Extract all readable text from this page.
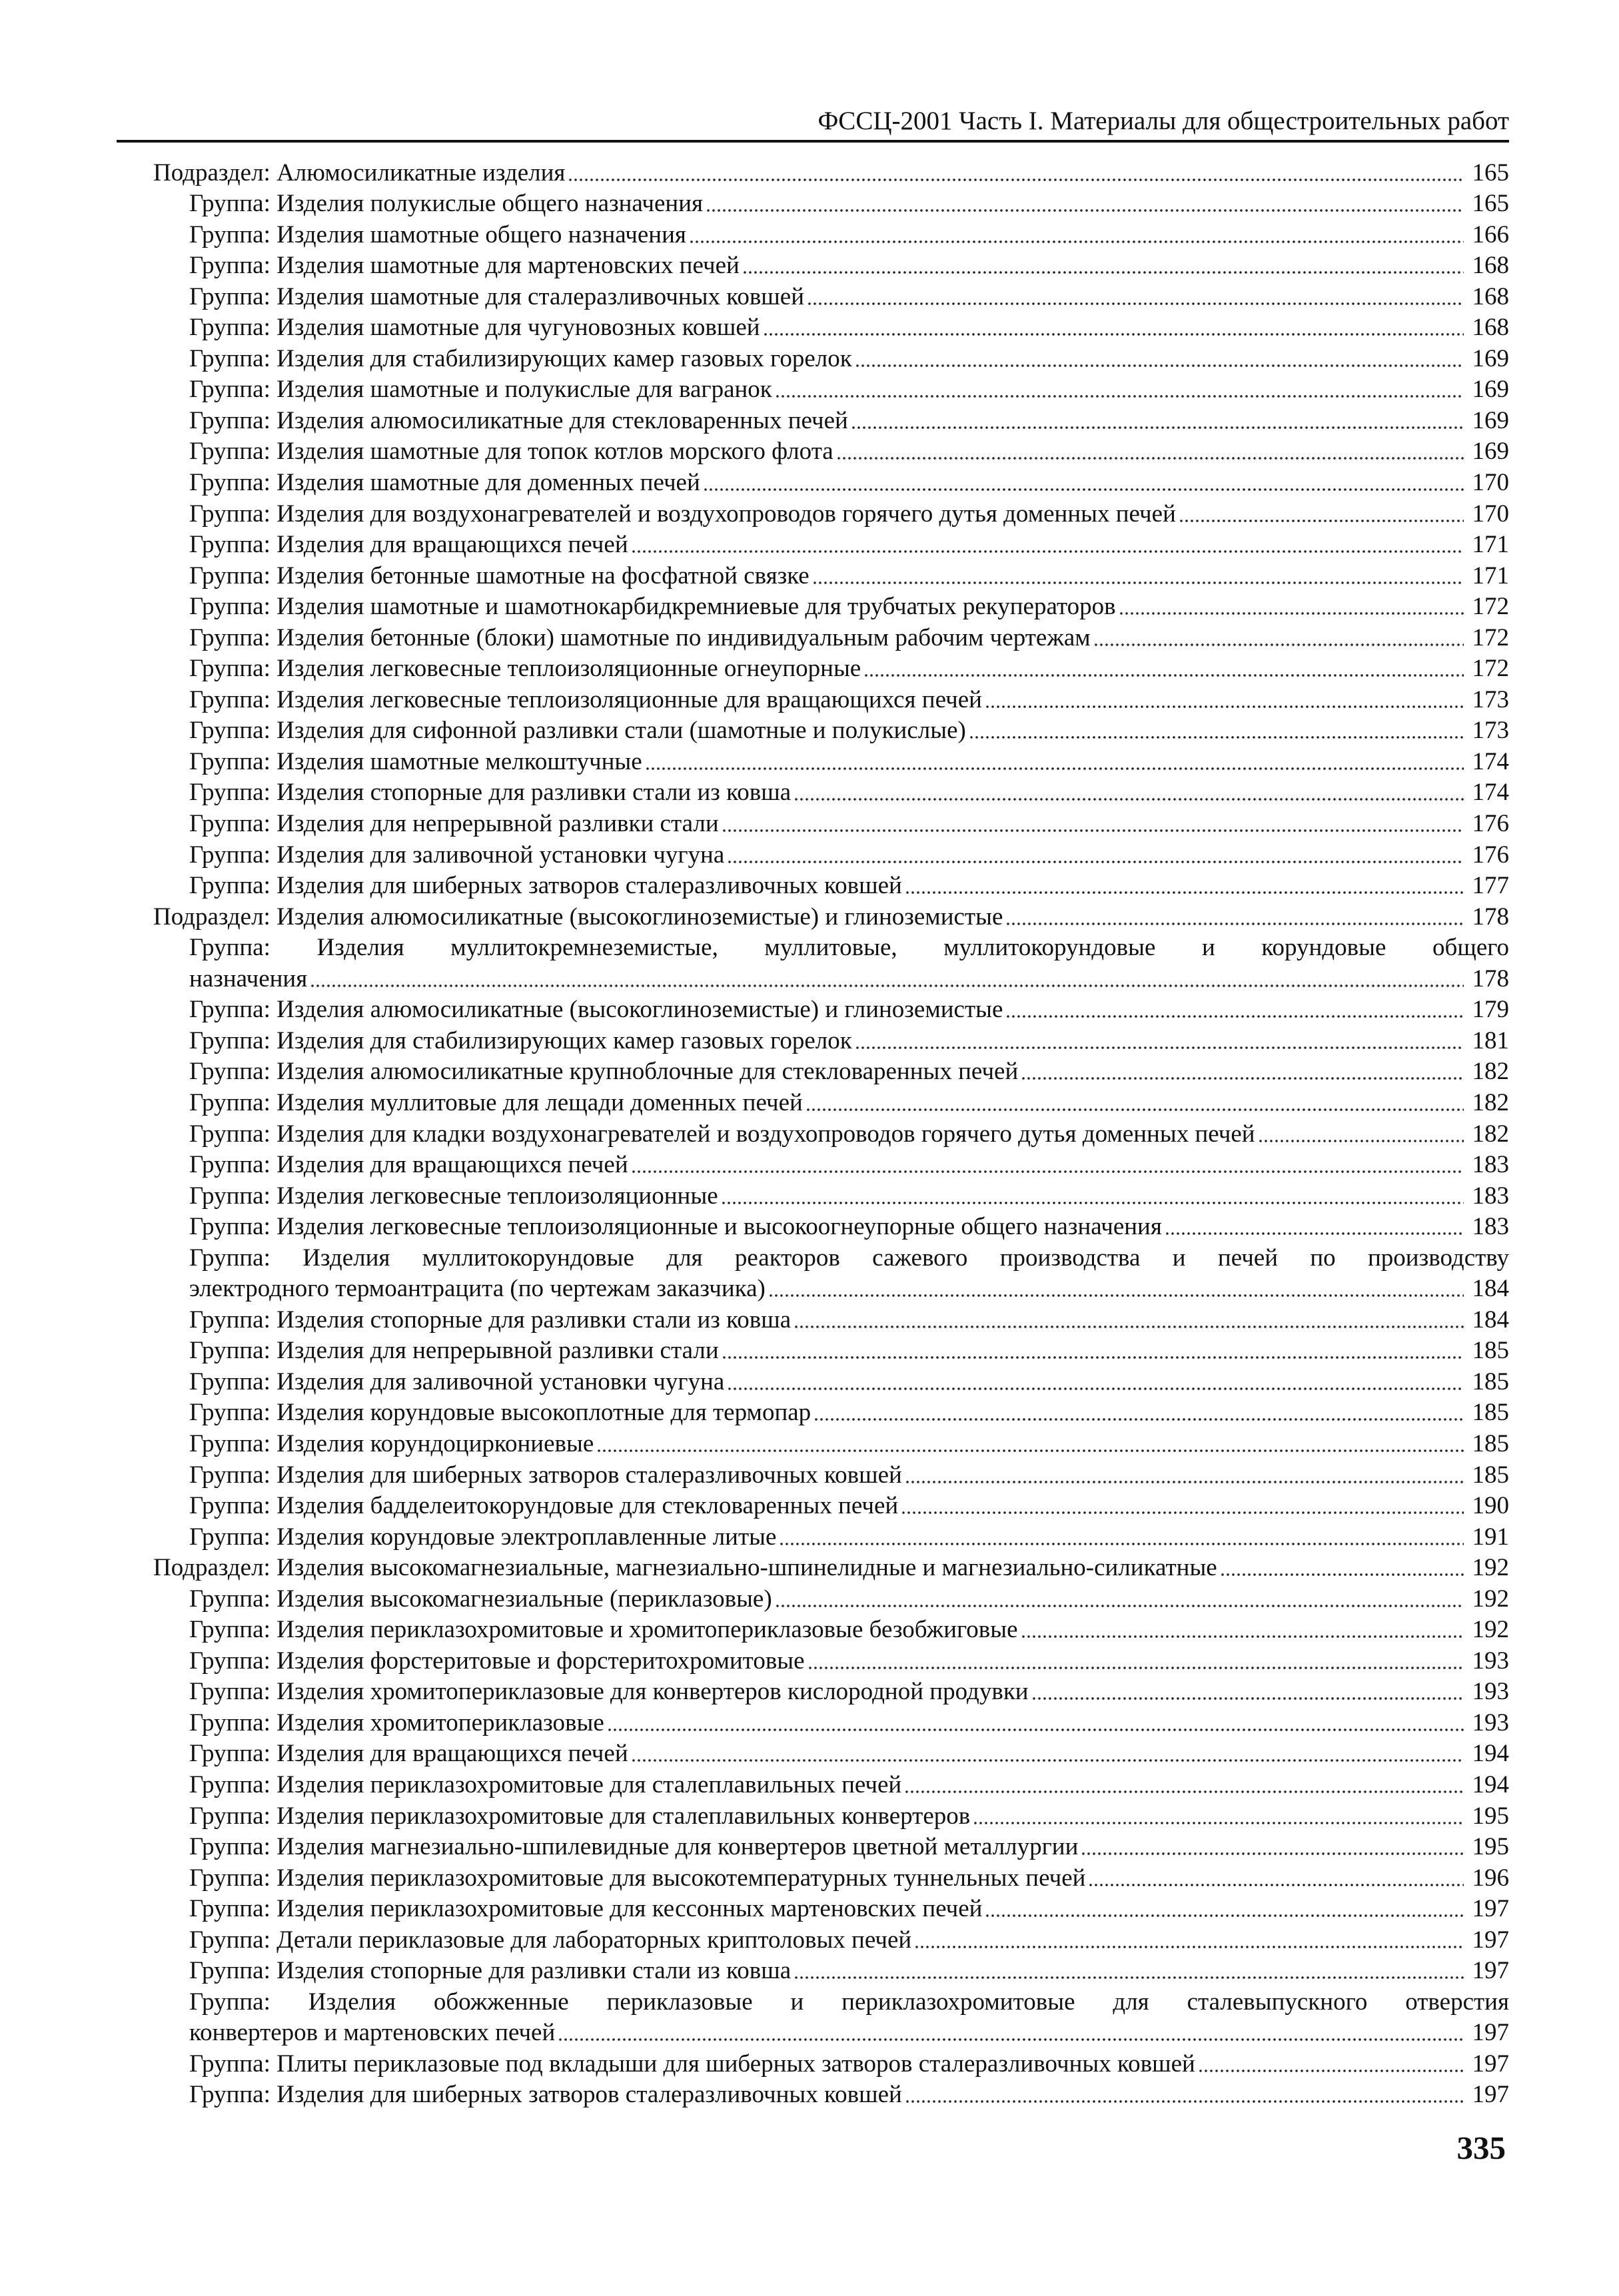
ФССЦ-2001 Часть I. Материалы для общестроительных работ
Подраздел: Алюмосиликатные изделия	165
Группа: Изделия полукислые общего назначения	165
Группа: Изделия шамотные общего назначения	166
Группа: Изделия шамотные для мартеновских печей	168
Группа: Изделия шамотные для сталеразливочных ковшей	168
Группа: Изделия шамотные для чугуновозных ковшей	168
Группа: Изделия для стабилизирующих камер газовых горелок	169
Группа: Изделия шамотные и полукислые для вагранок	169
Группа: Изделия алюмосиликатные для стекловаренных печей	169
Группа: Изделия шамотные для топок котлов морского флота	169
Группа: Изделия шамотные для доменных печей	170
Группа: Изделия для воздухонагревателей и воздухопроводов горячего дутья доменных печей	170
Группа: Изделия для вращающихся печей	171
Группа: Изделия бетонные шамотные на фосфатной связке	171
Группа: Изделия шамотные и шамотнокарбидкремниевые для трубчатых рекуператоров	172
Группа: Изделия бетонные (блоки) шамотные по индивидуальным рабочим чертежам	172
Группа: Изделия легковесные теплоизоляционные огнеупорные	172
Группа: Изделия легковесные теплоизоляционные для вращающихся печей	173
Группа: Изделия для сифонной разливки стали (шамотные и полукислые)	173
Группа: Изделия шамотные мелкоштучные	174
Группа: Изделия стопорные для разливки стали из ковша	174
Группа: Изделия для непрерывной разливки стали	176
Группа: Изделия для заливочной установки чугуна	176
Группа: Изделия для шиберных затворов сталеразливочных ковшей	177
Подраздел: Изделия алюмосиликатные (высокоглиноземистые) и глиноземистые	178
Группа: Изделия муллитокремнеземистые, муллитовые, муллитокорундовые и корундовые общего
назначения	178
Группа: Изделия алюмосиликатные (высокоглиноземистые) и глиноземистые	179
Группа: Изделия для стабилизирующих камер газовых горелок	181
Группа: Изделия алюмосиликатные крупноблочные для стекловаренных печей	182
Группа: Изделия муллитовые для лещади доменных печей	182
Группа: Изделия для кладки воздухонагревателей и воздухопроводов горячего дутья доменных печей	182
Группа: Изделия для вращающихся печей	183
Группа: Изделия легковесные теплоизоляционные	183
Группа: Изделия легковесные теплоизоляционные и высокоогнеупорные общего назначения	183
Группа: Изделия муллитокорундовые для реакторов сажевого производства и печей по производству
электродного термоантрацита (по чертежам заказчика)	184
Группа: Изделия стопорные для разливки стали из ковша	184
Группа: Изделия для непрерывной разливки стали	185
Группа: Изделия для заливочной установки чугуна	185
Группа: Изделия корундовые высокоплотные для термопар	185
Группа: Изделия корундоциркониевые	185
Группа: Изделия для шиберных затворов сталеразливочных ковшей	185
Группа: Изделия бадделеитокорундовые для стекловаренных печей	190
Группа: Изделия корундовые электроплавленные литые	191
Подраздел: Изделия высокомагнезиальные, магнезиально-шпинелидные и магнезиально-силикатные	192
Группа: Изделия высокомагнезиальные (периклазовые)	192
Группа: Изделия периклазохромитовые и хромитопериклазовые безобжиговые	192
Группа: Изделия форстеритовые и форстеритохромитовые	193
Группа: Изделия хромитопериклазовые для конвертеров кислородной продувки	193
Группа: Изделия хромитопериклазовые	193
Группа: Изделия для вращающихся печей	194
Группа: Изделия периклазохромитовые для сталеплавильных печей	194
Группа: Изделия периклазохромитовые для сталеплавильных конвертеров	195
Группа: Изделия магнезиально-шпилевидные для конвертеров цветной металлургии	195
Группа: Изделия периклазохромитовые для высокотемпературных туннельных печей	196
Группа: Изделия периклазохромитовые для кессонных мартеновских печей	197
Группа: Детали периклазовые для лабораторных криптоловых печей	197
Группа: Изделия стопорные для разливки стали из ковша	197
Группа: Изделия обожженные периклазовые и периклазохромитовые для сталевыпускного отверстия
конвертеров и мартеновских печей	197
Группа: Плиты периклазовые под вкладыши для шиберных затворов сталеразливочных ковшей	197
Группа: Изделия для шиберных затворов сталеразливочных ковшей	197
335
